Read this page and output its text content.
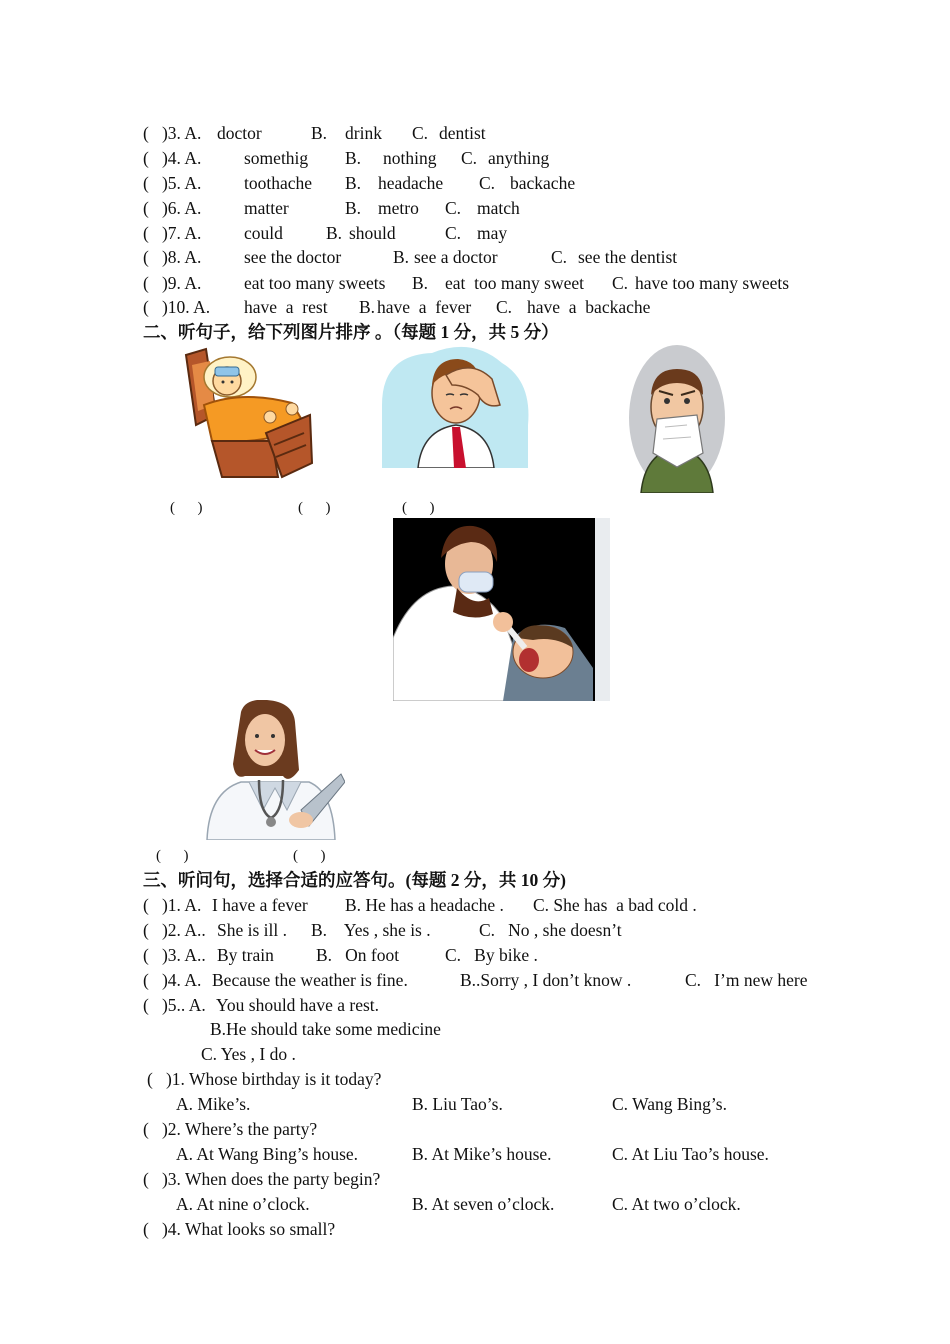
(   )3. A. doctor	B. drink C. dentist
(   )4. A. somethig B. nothing C. anything
(   )5. A. toothache B. headache C. backache
(   )6. A. matter	B. metro C. match
(   )7. A. could B. should	C. may
(   )8. A. see the doctor	B. see a doctor	C. see the dentist
(   )9. A. eat too many sweets B. eat  too many sweet C. have too many sweets
(   )10. A. have  a  rest B. have  a  fever C. have  a  backache
二、听句子，给下列图片排序 。（每题 1 分，共 5 分）
(      )	(      )	(      )
(      )	(      )
三、听问句，选择合适的应答句。(每题 2 分，共 10 分)
(   )1. A. I have a fever B. He has a headache . C. She has  a bad cold .
(   )2. A.. She is ill . B.    Yes , she is .	C.   No , she doesn’t
(   )3. A.. By train B.   On foot	C.   By bike .
(   )4. A. Because the weather is fine.	B..Sorry , I don’t know .	C.   I’m new here
(   )5.. A. You should have a rest.
B.He should take some medicine
C. Yes , I do .
(   )1. Whose birthday is it today?
A. Mike’s.	B. Liu Tao’s.	C. Wang Bing’s.
(   )2. Where’s the party?
A. At Wang Bing’s house.	B. At Mike’s house.	C. At Liu Tao’s house.
(   )3. When does the party begin?
A. At nine o’clock.	B. At seven o’clock.	C. At two o’clock.
(   )4. What looks so small?
